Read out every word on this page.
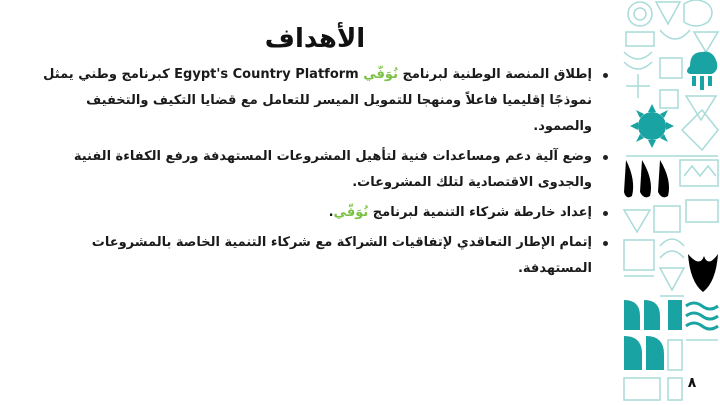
الأهداف
إطلاق المنصة الوطنية لبرنامج نُوَفّي Egypt's Country Platform كبرنامج وطني يمثل نموذجًا إقليميا فاعلاً ومنهجا للتمويل الميسر للتعامل مع قضايا التكيف والتخفيف والصمود.
وضع آلية دعم ومساعدات فنية لتأهيل المشروعات المستهدفة ورفع الكفاءة الفنية والجدوى الاقتصادية لتلك المشروعات.
إعداد خارطة شركاء التنمية لبرنامج نُوَفّي.
إتمام الإطار التعاقدي لإتفاقيات الشراكة مع شركاء التنمية الخاصة بالمشروعات المستهدفة.
٨
